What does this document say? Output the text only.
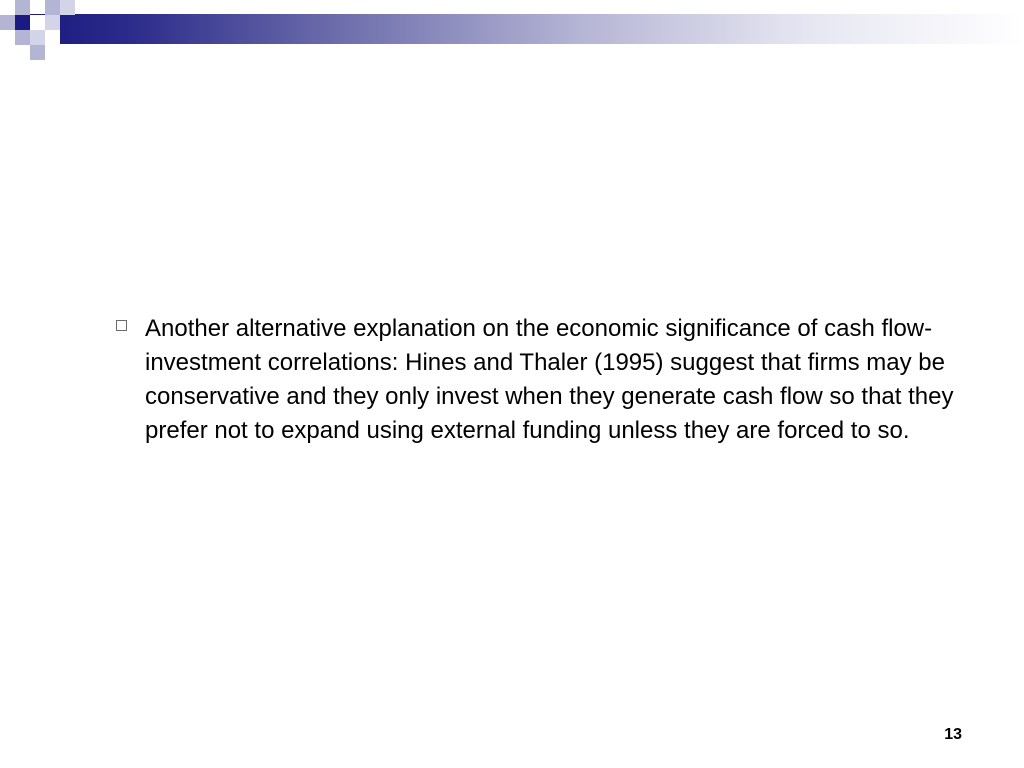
Another alternative explanation on the economic significance of cash flow-investment correlations: Hines and Thaler (1995) suggest that firms may be conservative and they only invest when they generate cash flow so that they prefer not to expand using external funding unless they are forced to so.

13
